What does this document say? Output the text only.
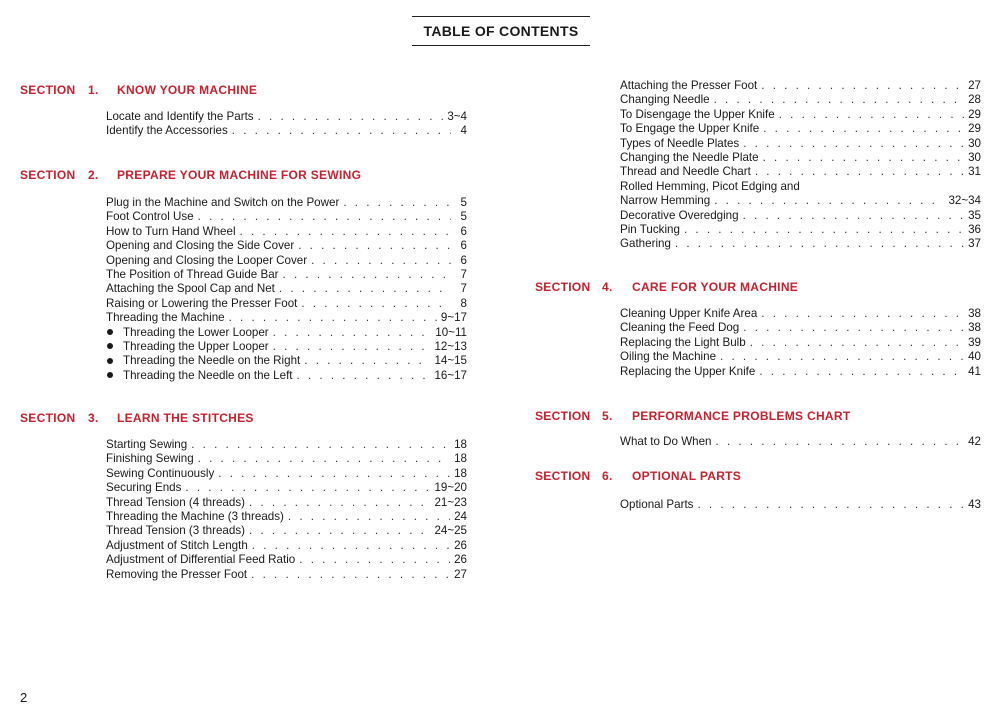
TABLE OF CONTENTS
SECTION 1. KNOW YOUR MACHINE
Locate and Identify the Parts . . .	3~4
Identify the Accessories . . .	4
SECTION 2. PREPARE YOUR MACHINE FOR SEWING
Plug in the Machine and Switch on the Power . . .	5
Foot Control Use . . .	5
How to Turn Hand Wheel . . .	6
Opening and Closing the Side Cover . . .	6
Opening and Closing the Looper Cover . . .	6
The Position of Thread Guide Bar . . .	7
Attaching the Spool Cap and Net . . .	7
Raising or Lowering the Presser Foot . . .	8
Threading the Machine . . .	9~17
Threading the Lower Looper . . .	10~11
Threading the Upper Looper . . .	12~13
Threading the Needle on the Right . . .	14~15
Threading the Needle on the Left . . .	16~17
SECTION 3. LEARN THE STITCHES
Starting Sewing . . .	18
Finishing Sewing . . .	18
Sewing Continuously . . .	18
Securing Ends . . .	19~20
Thread Tension (4 threads) . . .	21~23
Threading the Machine (3 threads) . . .	24
Thread Tension (3 threads) . . .	24~25
Adjustment of Stitch Length . . .	26
Adjustment of Differential Feed Ratio . . .	26
Removing the Presser Foot . . .	27
Attaching the Presser Foot . . .	27
Changing Needle . . .	28
To Disengage the Upper Knife . . .	29
To Engage the Upper Knife . . .	29
Types of Needle Plates . . .	30
Changing the Needle Plate . . .	30
Thread and Needle Chart . . .	31
Rolled Hemming, Picot Edging and
Narrow Hemming . . .	32~34
Decorative Overedging . . .	35
Pin Tucking . . .	36
Gathering . . .	37
SECTION 4. CARE FOR YOUR MACHINE
Cleaning Upper Knife Area . . .	38
Cleaning the Feed Dog . . .	38
Replacing the Light Bulb . . .	39
Oiling the Machine . . .	40
Replacing the Upper Knife . . .	41
SECTION 5. PERFORMANCE PROBLEMS CHART
What to Do When . . .	42
SECTION 6. OPTIONAL PARTS
Optional Parts . . .	43
2
